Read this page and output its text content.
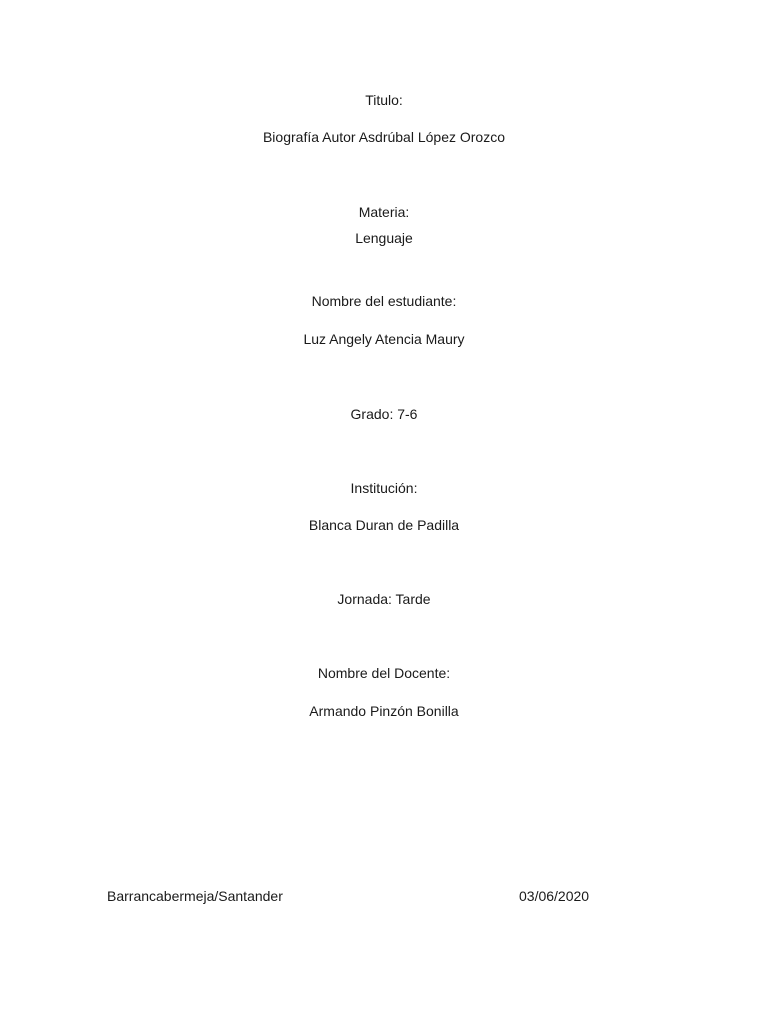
Titulo:
Biografía Autor Asdrúbal López Orozco
Materia:
Lenguaje
Nombre del estudiante:
Luz Angely Atencia Maury
Grado: 7-6
Institución:
Blanca Duran de Padilla
Jornada: Tarde
Nombre del Docente:
Armando Pinzón Bonilla
Barrancabermeja/Santander	03/06/2020
